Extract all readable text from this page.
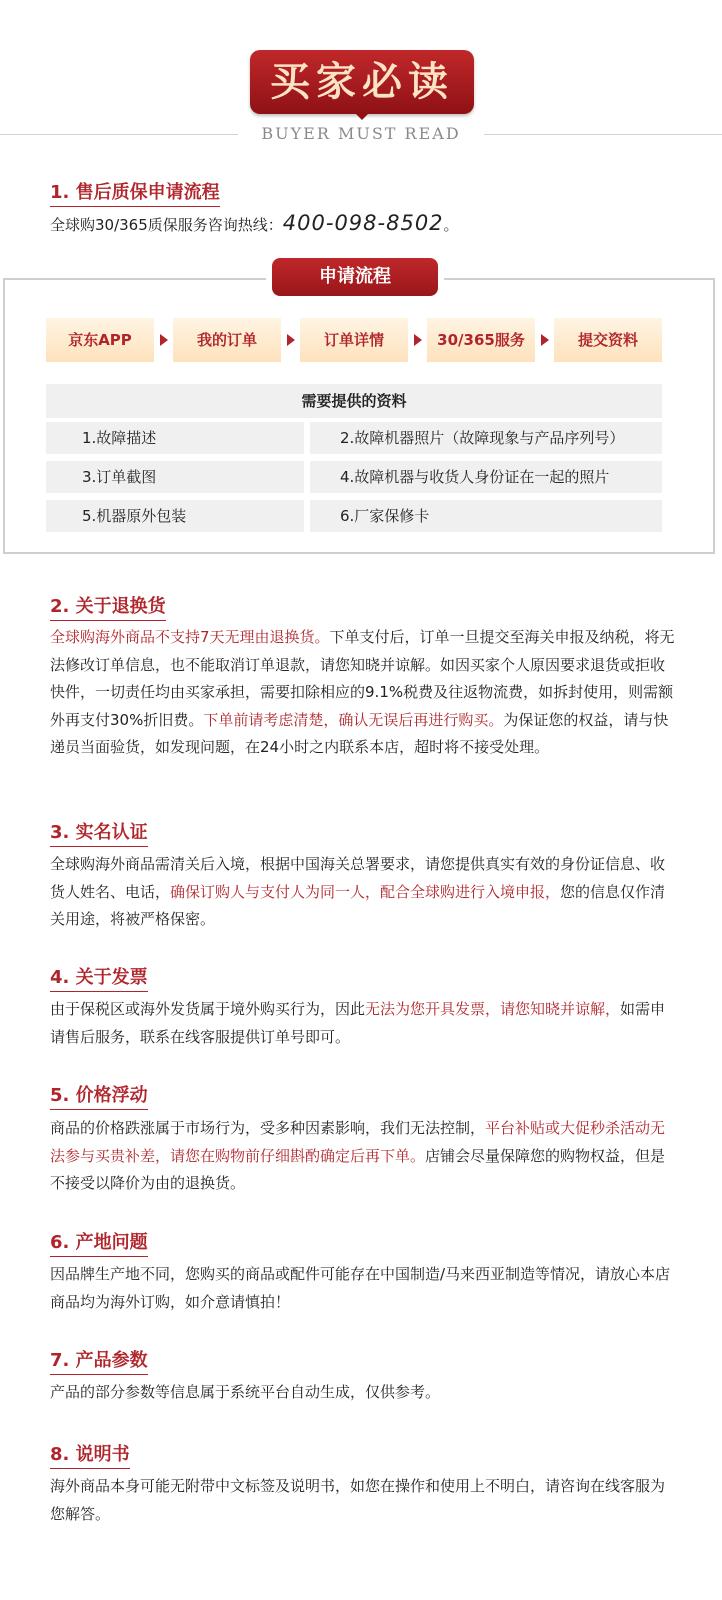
买家必读
BUYER MUST READ
1. 售后质保申请流程
全球购30/365质保服务咨询热线：400-098-8502。
申请流程
京东APP	我的订单	订单详情	30/365服务	提交资料
需要提供的资料
1.故障描述	2.故障机器照片（故障现象与产品序列号）
3.订单截图	4.故障机器与收货人身份证在一起的照片
5.机器原外包装	6.厂家保修卡
2. 关于退换货
全球购海外商品不支持7天无理由退换货。下单支付后，订单一旦提交至海关申报及纳税，将无法修改订单信息，也不能取消订单退款，请您知晓并谅解。如因买家个人原因要求退货或拒收快件，一切责任均由买家承担，需要扣除相应的9.1%税费及往返物流费，如拆封使用，则需额外再支付30%折旧费。下单前请考虑清楚，确认无误后再进行购买。为保证您的权益，请与快递员当面验货，如发现问题，在24小时之内联系本店，超时将不接受处理。
3. 实名认证
全球购海外商品需清关后入境，根据中国海关总署要求，请您提供真实有效的身份证信息、收货人姓名、电话，确保订购人与支付人为同一人，配合全球购进行入境申报，您的信息仅作清关用途，将被严格保密。
4. 关于发票
由于保税区或海外发货属于境外购买行为，因此无法为您开具发票，请您知晓并谅解，如需申请售后服务，联系在线客服提供订单号即可。
5. 价格浮动
商品的价格跌涨属于市场行为，受多种因素影响，我们无法控制，平台补贴或大促秒杀活动无法参与买贵补差，请您在购物前仔细斟酌确定后再下单。店铺会尽量保障您的购物权益，但是不接受以降价为由的退换货。
6. 产地问题
因品牌生产地不同，您购买的商品或配件可能存在中国制造/马来西亚制造等情况，请放心本店商品均为海外订购，如介意请慎拍！
7. 产品参数
产品的部分参数等信息属于系统平台自动生成，仅供参考。
8. 说明书
海外商品本身可能无附带中文标签及说明书，如您在操作和使用上不明白，请咨询在线客服为您解答。
